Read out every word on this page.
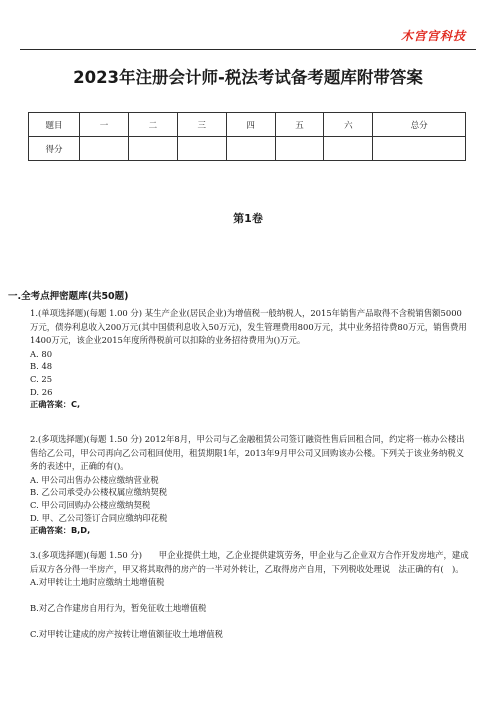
木宫宫科技
2023年注册会计师-税法考试备考题库附带答案
题目	一	二	三	四	五	六	总分
得分							
第1卷
一.全考点押密题库(共50题)

1.(单项选择题)(每题 1.00 分) 某生产企业(居民企业)为增值税一般纳税人，2015年销售产品取得不含税销售额5000万元，债券利息收入200万元(其中国债利息收入50万元)，发生管理费用800万元，其中业务招待费80万元，销售费用1400万元，该企业2015年度所得税前可以扣除的业务招待费用为()万元。

A. 80

B. 48

C. 25

D. 26

正确答案：C,

2.(多项选择题)(每题 1.50 分) 2012年8月，甲公司与乙金融租赁公司签订融资性售后回租合同，约定将一栋办公楼出售给乙公司，甲公司再向乙公司租回使用，租赁期限1年，2013年9月甲公司又回购该办公楼。下列关于该业务纳税义务的表述中，正确的有()。

A. 甲公司出售办公楼应缴纳营业税

B. 乙公司承受办公楼权属应缴纳契税

C. 甲公司回购办公楼应缴纳契税

D. 甲、乙公司签订合同应缴纳印花税

正确答案：B,D,

3.(多项选择题)(每题 1.50 分)　　甲企业提供土地，乙企业提供建筑劳务，甲企业与乙企业双方合作开发房地产，建成后双方各分得一半房产，甲又将其取得的房产的一半对外转让，乙取得房产自用，下列税收处理说　法正确的有(　)。

A.对甲转让土地时应缴纳土地增值税

B.对乙合作建房自用行为，暂免征收土地增值税

C.对甲转让建成的房产按转让增值额征收土地增值税
